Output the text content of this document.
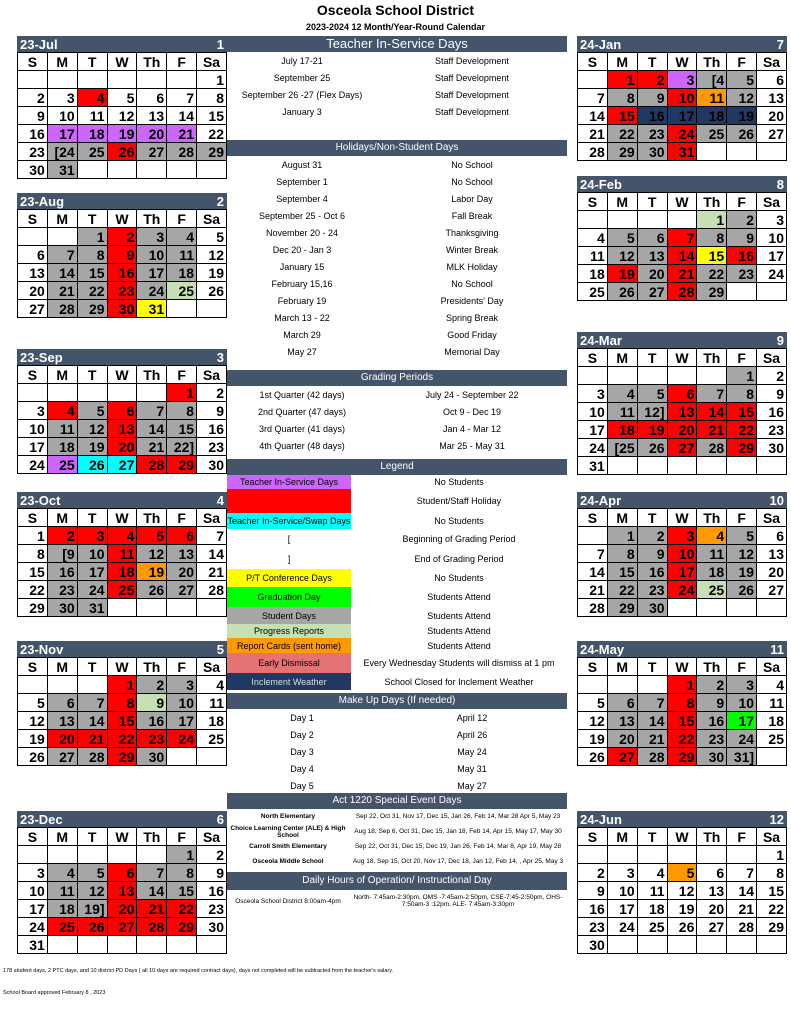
Osceola School District
2023-2024 12 Month/Year-Round Calendar
23-Jul	1
S	M	T	W	Th	F	Sa
						1
2	3	4	5	6	7	8
9	10	11	12	13	14	15
16	17	18	19	20	21	22
23	[24	25	26	27	28	29
30	31					
23-Aug	2
S	M	T	W	Th	F	Sa
		1	2	3	4	5
6	7	8	9	10	11	12
13	14	15	16	17	18	19
20	21	22	23	24	25	26
27	28	29	30	31		
23-Sep	3
S	M	T	W	Th	F	Sa
					1	2
3	4	5	6	7	8	9
10	11	12	13	14	15	16
17	18	19	20	21	22]	23
24	25	26	27	28	29	30
23-Oct	4
S	M	T	W	Th	F	Sa
1	2	3	4	5	6	7
8	[9	10	11	12	13	14
15	16	17	18	19	20	21
22	23	24	25	26	27	28
29	30	31				
23-Nov	5
S	M	T	W	Th	F	Sa
			1	2	3	4
5	6	7	8	9	10	11
12	13	14	15	16	17	18
19	20	21	22	23	24	25
26	27	28	29	30		
23-Dec	6
S	M	T	W	Th	F	Sa
					1	2
3	4	5	6	7	8	9
10	11	12	13	14	15	16
17	18	19]	20	21	22	23
24	25	26	27	28	29	30
31						
24-Jan	7
S	M	T	W	Th	F	Sa
	1	2	3	[4	5	6
7	8	9	10	11	12	13
14	15	16	17	18	19	20
21	22	23	24	25	26	27
28	29	30	31			
24-Feb	8
S	M	T	W	Th	F	Sa
				1	2	3
4	5	6	7	8	9	10
11	12	13	14	15	16	17
18	19	20	21	22	23	24
25	26	27	28	29		
24-Mar	9
S	M	T	W	Th	F	Sa
					1	2
3	4	5	6	7	8	9
10	11	12]	13	14	15	16
17	18	19	20	21	22	23
24	[25	26	27	28	29	30
31						
24-Apr	10
S	M	T	W	Th	F	Sa
	1	2	3	4	5	6
7	8	9	10	11	12	13
14	15	16	17	18	19	20
21	22	23	24	25	26	27
28	29	30				
24-May	11
S	M	T	W	Th	F	Sa
			1	2	3	4
5	6	7	8	9	10	11
12	13	14	15	16	17	18
19	20	21	22	23	24	25
26	27	28	29	30	31]	
24-Jun	12
S	M	T	W	Th	F	Sa
						1
2	3	4	5	6	7	8
9	10	11	12	13	14	15
16	17	18	19	20	21	22
23	24	25	26	27	28	29
30						
Teacher In-Service Days
July 17-21	Staff Development
September 25	Staff Development
September 26 -27 (Flex Days)	Staff Development
January 3	Staff Development
Holidays/Non-Student Days
August 31	No School
September 1	No School
September 4	Labor Day
September 25 - Oct 6	Fall Break
November 20 - 24	Thanksgiving
Dec 20 - Jan 3	Winter Break
January 15	MLK Holiday
February 15,16	No School
February 19	Presidents' Day
March 13 - 22	Spring Break
March 29	Good Friday
May 27	Memorial Day
Grading Periods
1st Quarter (42 days)	July 24 - September 22
2nd Quarter (47 days)	Oct 9 - Dec 19
3rd Quarter (41 days)	Jan 4 - Mar 12
4th Quarter (48 days)	Mar 25 - May 31
Legend
Teacher In-Service Days	No Students
Student/Staff Holiday
Teacher In-Service/Swap Days	No Students
[	Beginning of Grading Period
]	End of Grading Period
P/T Conference Days	No Students
Graduation Day	Students Attend
Student Days	Students Attend
Progress Reports	Students Attend
Report Cards (sent home)	Students Attend
Early Dismissal	Every Wednesday Students will dismiss at 1 pm
Inclement Weather	School Closed for Inclement Weather
Make Up Days (If needed)
Day 1	April 12
Day 2	April 26
Day 3	May 24
Day 4	May 31
Day 5	May 27
Act 1220 Special Event Days
North Elementary	Sep 22, Oct 31, Nov 17, Dec 15, Jan 26, Feb 14, Mar 28 Apr 5, May 23
Choice Learning Center (ALE) & High School	Aug 18, Sep 6, Oct 31, Dec 15, Jan 18, Feb 14, Apr 15, May 17, May 30
Carroll Smith Elementary	Sep 22, Oct 31, Dec 15, Dec 19, Jan 26, Feb 14, Mar 8, Apr 19, May 28
Osceola Middle School	Aug 18, Sep 15, Oct 20, Nov 17, Dec 18, Jan 12, Feb 14, , Apr 25, May 3
Daily Hours of Operation/ Instructional Day
Osceola School District 8:00am-4pm	North- 7:45am-2:30pm, OMS -7:45am-2:50pm, CSE-7:45-2:50pm, OHS- 7:50am-3 :12pm, ALE- 7:45am-3:30pm
178 student days, 2 PTC days, and 10 district PD Days ( all 10 days are required contract days), days not completed will be subtracted from the teacher's salary.
School Board approved February 8 , 2023
